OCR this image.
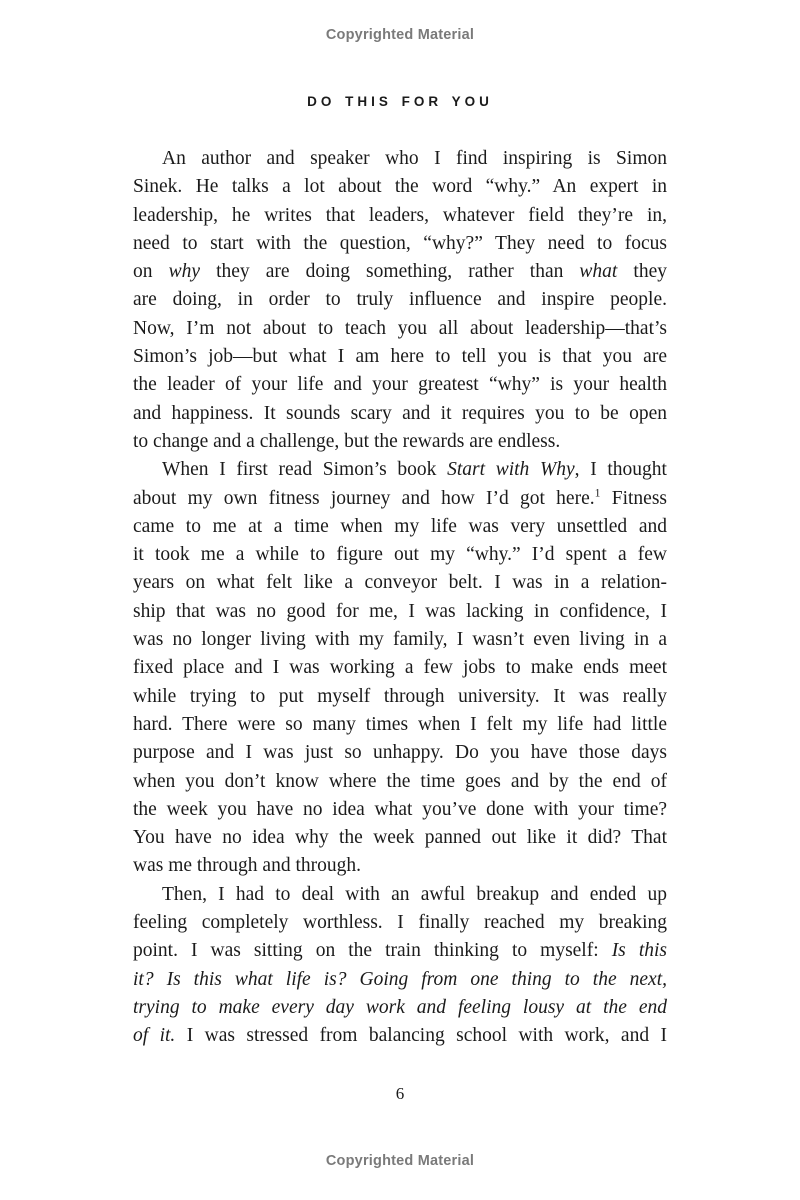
Copyrighted Material
DO THIS FOR YOU
An author and speaker who I find inspiring is Simon
Sinek. He talks a lot about the word “why.” An expert in
leadership, he writes that leaders, whatever field they’re in,
need to start with the question, “why?” They need to focus
on why they are doing something, rather than what they
are doing, in order to truly influence and inspire people.
Now, I’m not about to teach you all about leadership—that’s
Simon’s job—but what I am here to tell you is that you are
the leader of your life and your greatest “why” is your health
and happiness. It sounds scary and it requires you to be open
to change and a challenge, but the rewards are endless.
When I first read Simon’s book Start with Why, I thought
about my own fitness journey and how I’d got here.$^1$ Fitness
came to me at a time when my life was very unsettled and
it took me a while to figure out my “why.” I’d spent a few
years on what felt like a conveyor belt. I was in a relation-
ship that was no good for me, I was lacking in confidence, I
was no longer living with my family, I wasn’t even living in a
fixed place and I was working a few jobs to make ends meet
while trying to put myself through university. It was really
hard. There were so many times when I felt my life had little
purpose and I was just so unhappy. Do you have those days
when you don’t know where the time goes and by the end of
the week you have no idea what you’ve done with your time?
You have no idea why the week panned out like it did? That
was me through and through.
Then, I had to deal with an awful breakup and ended up
feeling completely worthless. I finally reached my breaking
point. I was sitting on the train thinking to myself: Is this
it? Is this what life is? Going from one thing to the next,
trying to make every day work and feeling lousy at the end
of it. I was stressed from balancing school with work, and I
6
Copyrighted Material
